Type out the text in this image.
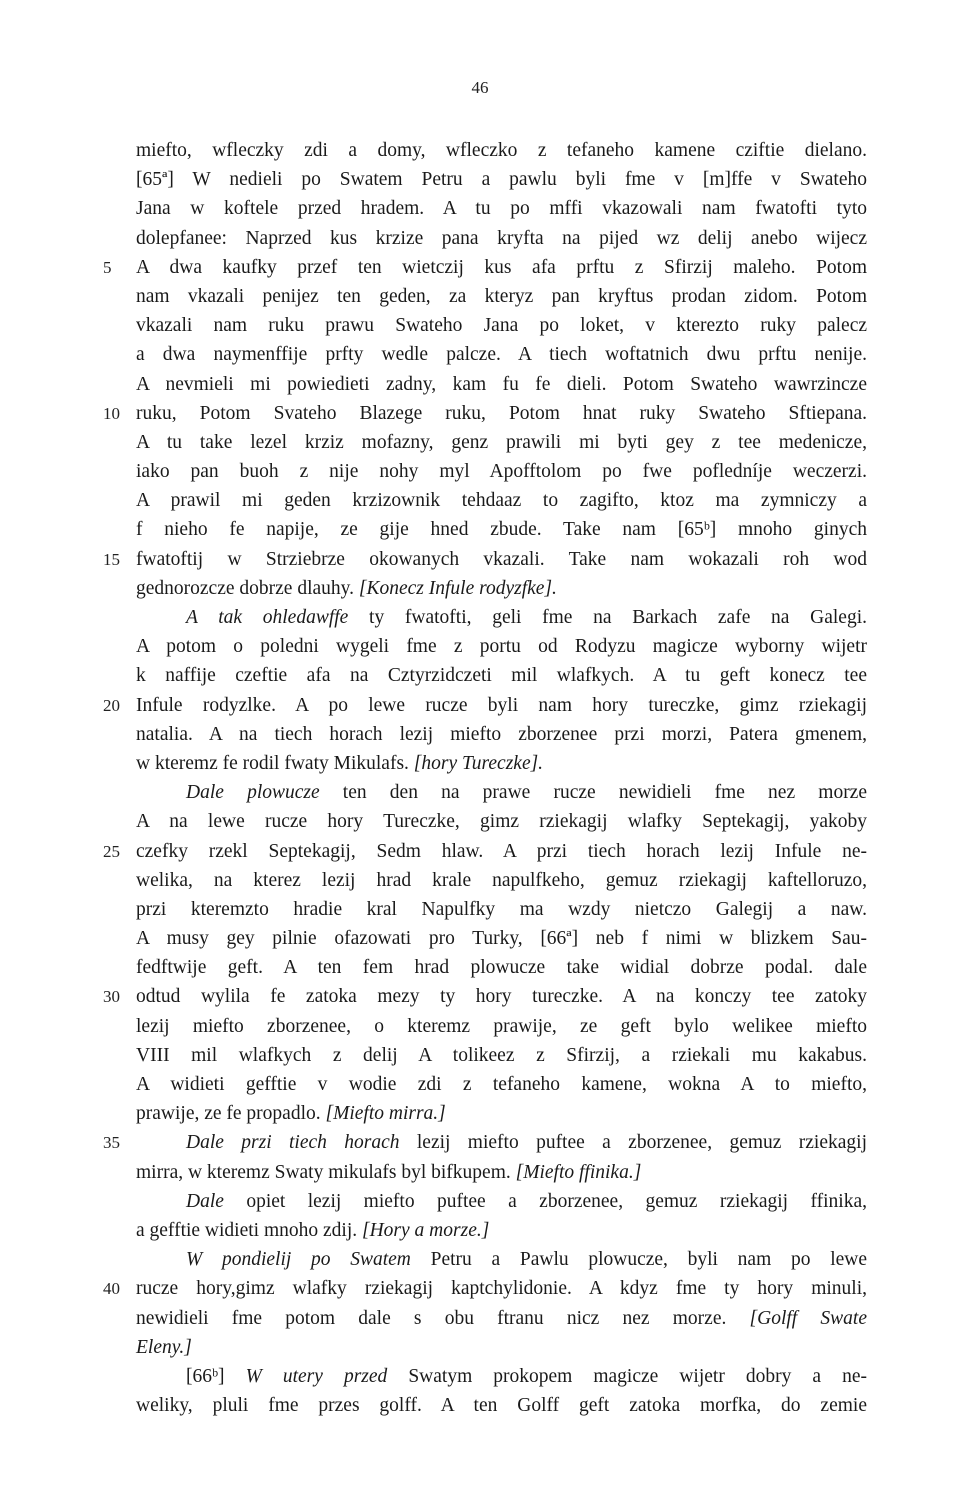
46
miefto, wfleczky zdi a domy, wfleczko z tefaneho kamene cziftie dielano.
[65ª] W nedieli po Swatem Petru a pawlu byli fme v [m]ffe v Swateho
Jana w koftele przed hradem. A tu po mffi vkazowali nam fwatofti tyto
dolepfanee: Naprzed kus krzize pana kryfta na pijed wz delij anebo wijecz
5 A dwa kaufky przef ten wietczij kus afa prftu z Sfirzij maleho. Potom
nam vkazali penijez ten geden, za kteryz pan kryftus prodan zidom. Potom
vkazali nam ruku prawu Swateho Jana po loket, v kterezto ruky palecz
a dwa naymenffije prfty wedle palcze. A tiech woftatnich dwu prftu nenije.
A nevmieli mi powiedieti zadny, kam fu fe dieli. Potom Swateho wawrzincze
10 ruku, Potom Svateho Blazege ruku, Potom hnat ruky Swateho Sftiepana.
A tu take lezel krziz mofazny, genz prawili mi byti gey z tee medenicze,
iako pan buoh z nije nohy myl Apofftolom po fwe pofledníje weczerzi.
A prawil mi geden krzizownik tehdaaz to zagifto, ktoz ma zymniczy a
f nieho fe napije, ze gije hned zbude. Take nam [65ᵇ] mnoho ginych
15 fwatoftij w Strziebrze okowanych vkazali. Take nam wokazali roh wod
gednorozcze dobrze dlauhy. [Konecz Infule rodyzfke].
A tak ohledawffe ty fwatofti, geli fme na Barkach zafe na Galegi.
A potom o poledni wygeli fme z portu od Rodyzu magicze wyborny wijetr
k naffije czeftie afa na Cztyrzidczeti mil wlafkych. A tu geft konecz tee
20 Infule rodyzlke. A po lewe rucze byli nam hory tureczke, gimz rziekagij
natalia. A na tiech horach lezij miefto zborzenee przi morzi, Patera gmenem,
w kteremz fe rodil fwaty Mikulafs. [hory Tureczke].
Dale plowucze ten den na prawe rucze newidieli fme nez morze
A na lewe rucze hory Tureczke, gimz rziekagij wlafky Septekagij, yakoby
25 czefky rzekl Septekagij, Sedm hlaw. A przi tiech horach lezij Infule ne-
welika, na kterez lezij hrad krale napulfkeho, gemuz rziekagij kaftelloruzo,
przi kteremzto hradie kral Napulfky ma wzdy nietczo Galegij a naw.
A musy gey pilnie ofazowati pro Turky, [66ª] neb f nimi w blizkem Sau-
fedftwije geft. A ten fem hrad plowucze take widial dobrze podal. dale
30 odtud wylila fe zatoka mezy ty hory tureczke. A na konczy tee zatoky
lezij miefto zborzenee, o kteremz prawije, ze geft bylo welikee miefto
VIII mil wlafkych z delij A tolikeez z Sfirzij, a rziekali mu kakabus.
A widieti gefftie v wodie zdi z tefaneho kamene, wokna A to miefto,
prawije, ze fe propadlo. [Miefto mirra.]
35	Dale przi tiech horach lezij miefto puftee a zborzenee, gemuz rziekagij
mirra, w kteremz Swaty mikulafs byl bifkupem. [Miefto ffinika.]
Dale opiet lezij miefto puftee a zborzenee, gemuz rziekagij ffinika,
a gefftie widieti mnoho zdij. [Hory a morze.]
W pondielij po Swatem Petru a Pawlu plowucze, byli nam po lewe
40 rucze hory,gimz wlafky rziekagij kaptchylidonie. A kdyz fme ty hory minuli,
newidieli fme potom dale s obu ftranu nicz nez morze. [Golff Swate
Eleny.]
[66ᵇ] W utery przed Swatym prokopem magicze wijetr dobry a ne-
weliky, pluli fme przes golff. A ten Golff geft zatoka morfka, do zemie
